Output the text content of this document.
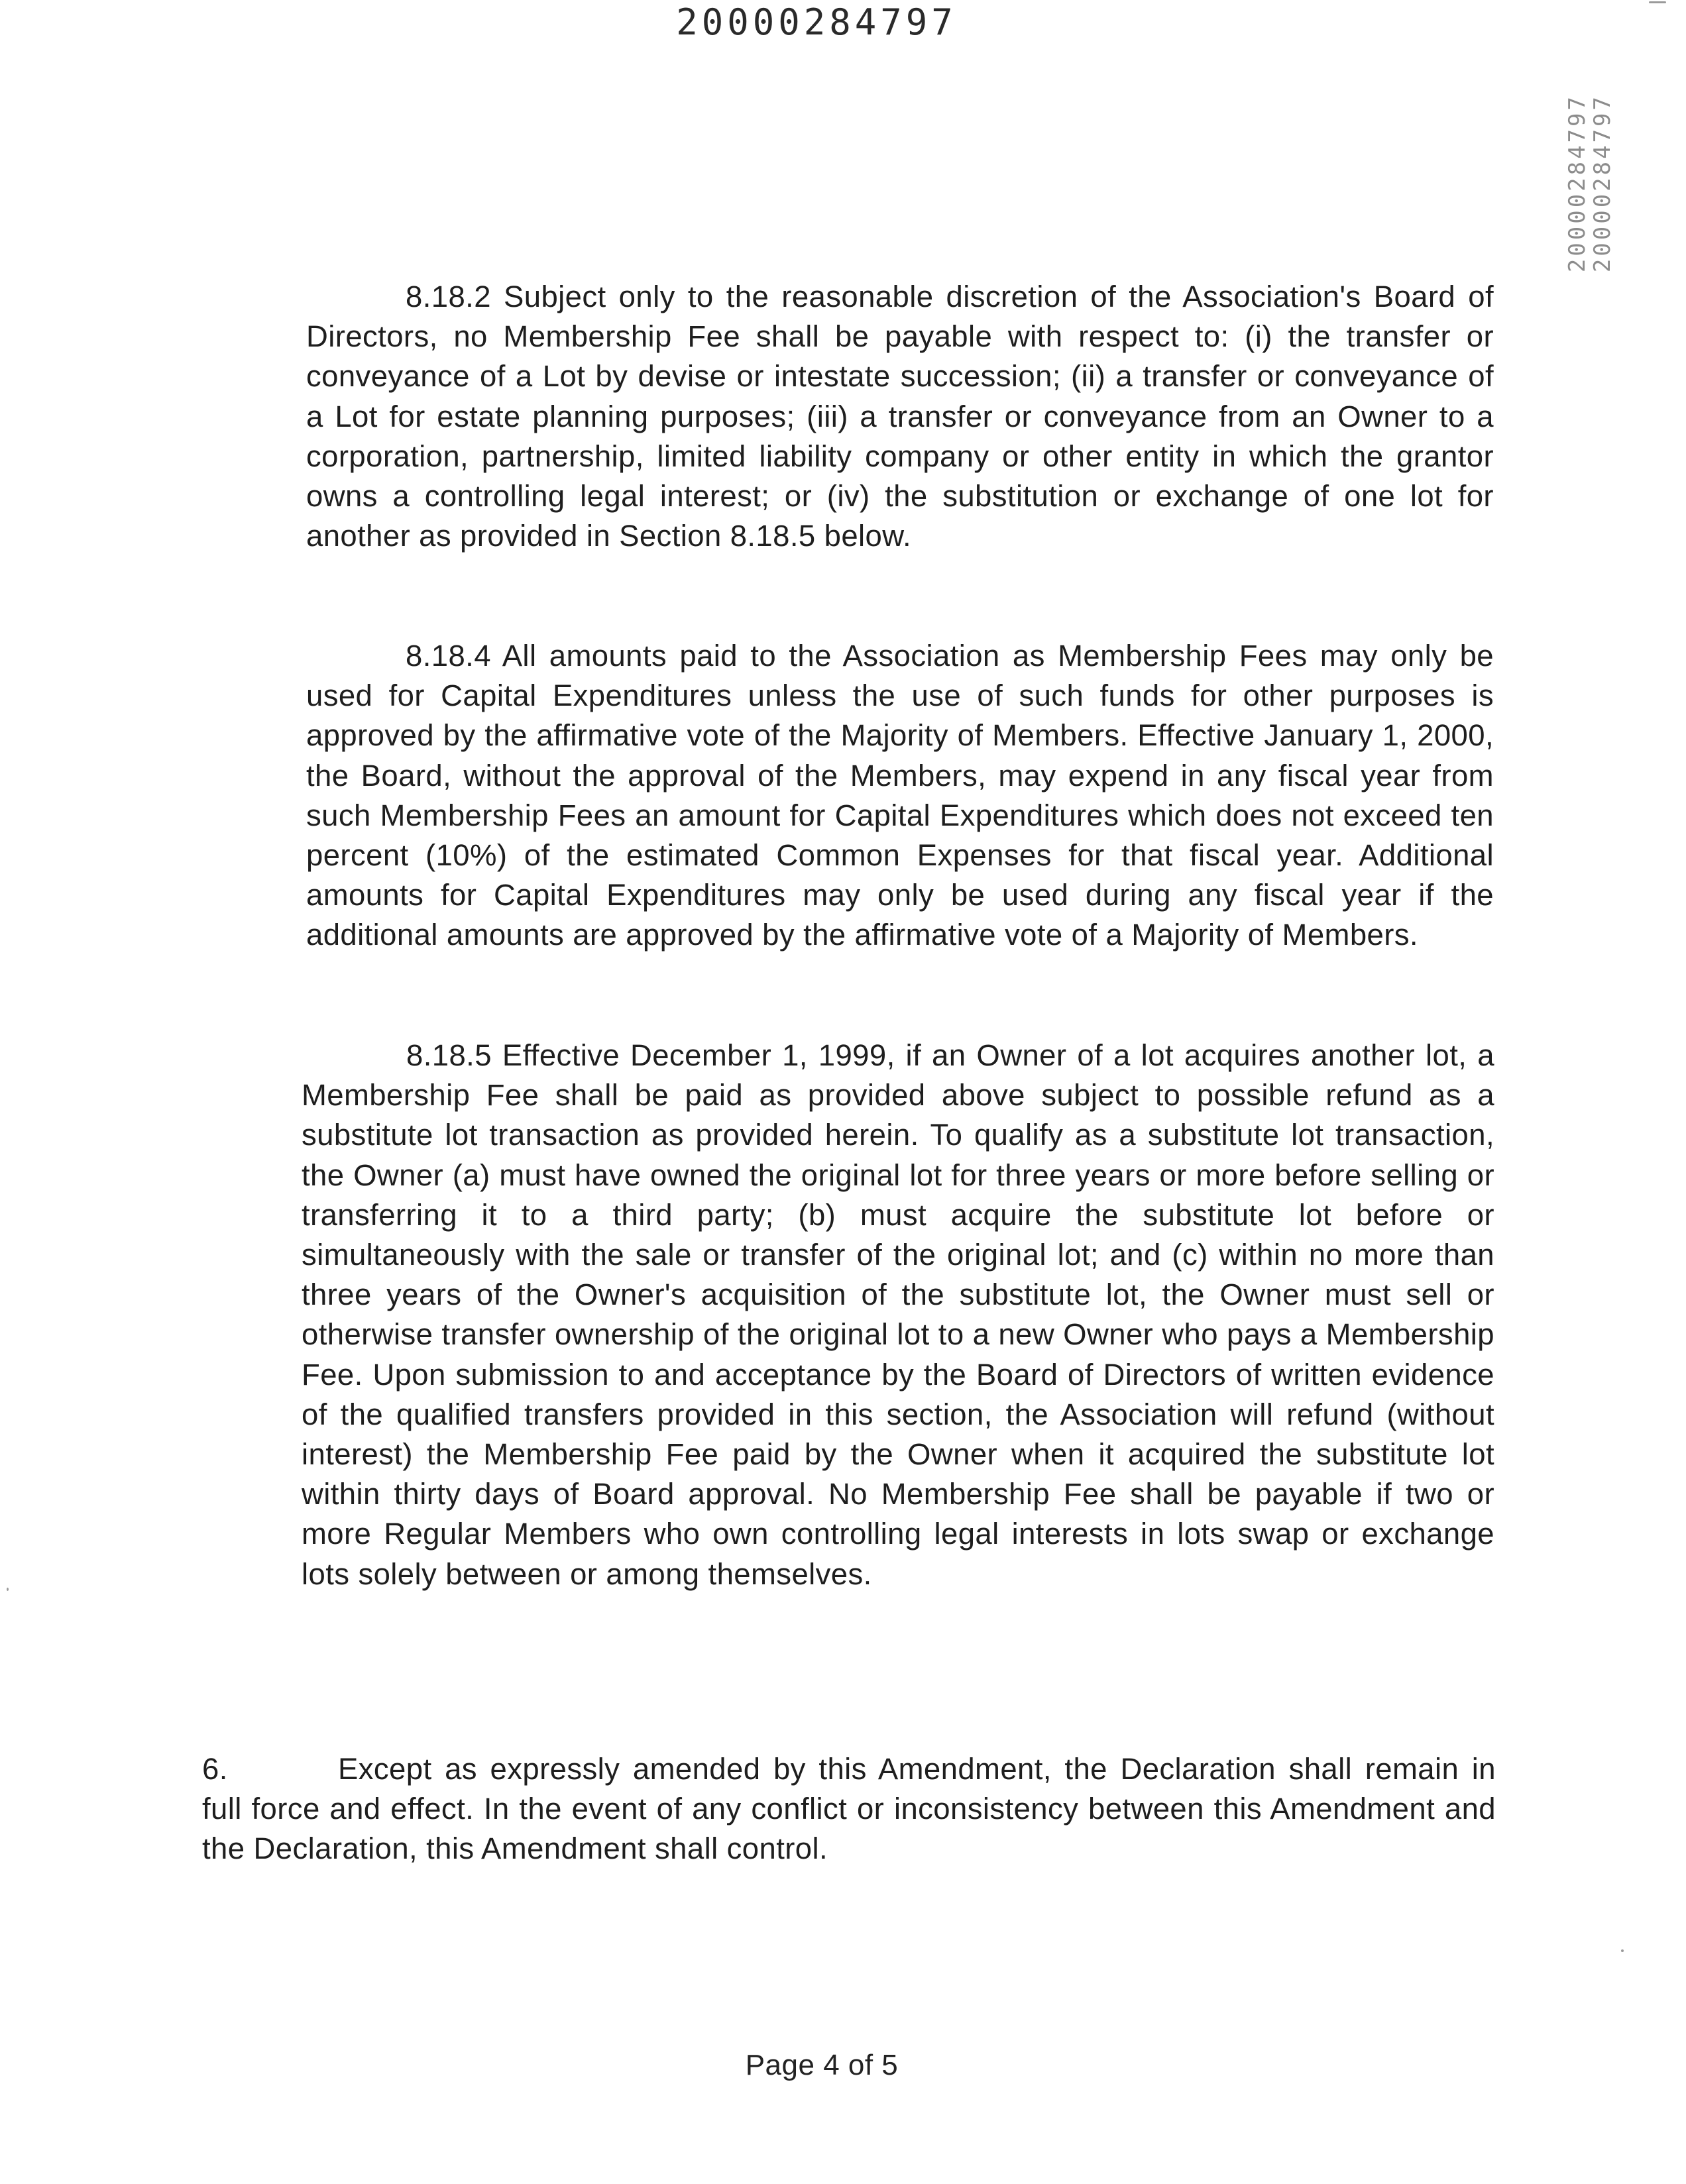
20000284797
20000284797
20000284797

8.18.2 Subject only to the reasonable discretion of the Association's Board of Directors, no Membership Fee shall be payable with respect to: (i) the transfer or conveyance of a Lot by devise or intestate succession; (ii) a transfer or conveyance of a Lot for estate planning purposes; (iii) a transfer or conveyance from an Owner to a corporation, partnership, limited liability company or other entity in which the grantor owns a controlling legal interest; or (iv) the substitution or exchange of one lot for another as provided in Section 8.18.5 below.

8.18.4 All amounts paid to the Association as Membership Fees may only be used for Capital Expenditures unless the use of such funds for other purposes is approved by the affirmative vote of the Majority of Members. Effective January 1, 2000, the Board, without the approval of the Members, may expend in any fiscal year from such Membership Fees an amount for Capital Expenditures which does not exceed ten percent (10%) of the estimated Common Expenses for that fiscal year. Additional amounts for Capital Expenditures may only be used during any fiscal year if the additional amounts are approved by the affirmative vote of a Majority of Members.

8.18.5 Effective December 1, 1999, if an Owner of a lot acquires another lot, a Membership Fee shall be paid as provided above subject to possible refund as a substitute lot transaction as provided herein. To qualify as a substitute lot transaction, the Owner (a) must have owned the original lot for three years or more before selling or transferring it to a third party; (b) must acquire the substitute lot before or simultaneously with the sale or transfer of the original lot; and (c) within no more than three years of the Owner's acquisition of the substitute lot, the Owner must sell or otherwise transfer ownership of the original lot to a new Owner who pays a Membership Fee. Upon submission to and acceptance by the Board of Directors of written evidence of the qualified transfers provided in this section, the Association will refund (without interest) the Membership Fee paid by the Owner when it acquired the substitute lot within thirty days of Board approval. No Membership Fee shall be payable if two or more Regular Members who own controlling legal interests in lots swap or exchange lots solely between or among themselves.

6.	Except as expressly amended by this Amendment, the Declaration shall remain in full force and effect. In the event of any conflict or inconsistency between this Amendment and the Declaration, this Amendment shall control.

Page 4 of 5
